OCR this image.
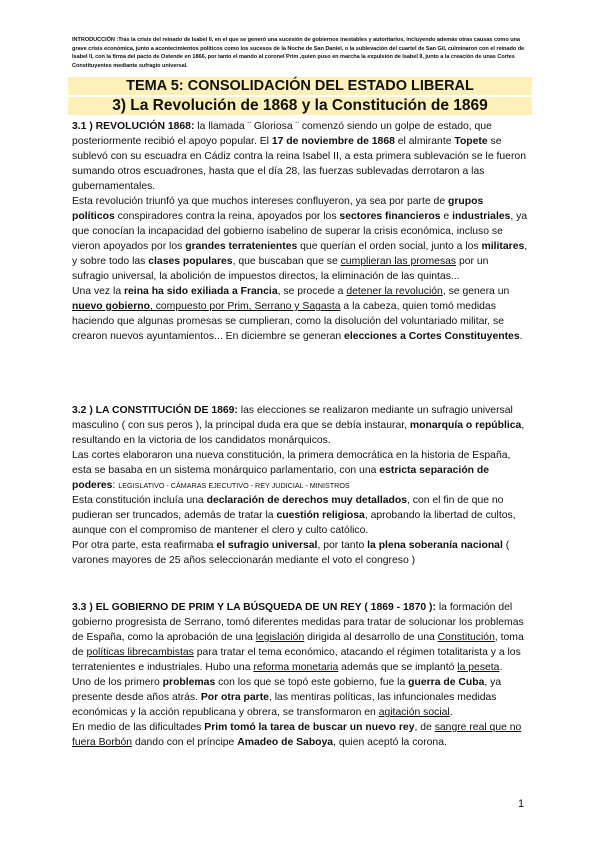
INTRODUCCIÓN :Tras la crisis del reinado de Isabel II, en el que se generó una sucesión de gobiernos inestables y autoritarios, incluyendo además otras causas como una grave crisis económica, junto a acontecimientos políticos como los sucesos de la Noche de San Daniel, o la sublevación del cuartel de San Gil, culminaron con el reinado de Isabel II, con la firma del pacto de Ostende en 1866, por tanto el mando al coronel Prim ,quien puso en marcha la expulsión de Isabel II, junto a la creación de unas Cortes Constituyentes mediante sufragio universal.
TEMA 5: CONSOLIDACIÓN DEL ESTADO LIBERAL
3) La Revolución de 1868 y la Constitución de 1869

3.1 ) REVOLUCIÓN 1868: la llamada ¨ Gloriosa ¨ comenzó siendo un golpe de estado, que posteriormente recibió el apoyo popular. El 17 de noviembre de 1868 el almirante Topete se sublevó con su escuadra en Cádiz contra la reina Isabel II, a esta primera sublevación se le fueron sumando otros escuadrones, hasta que el día 28, las fuerzas sublevadas derrotaron a las gubernamentales.

Esta revolución triunfó ya que muchos intereses confluyeron, ya sea por parte de grupos políticos conspiradores contra la reina, apoyados por los sectores financieros e industriales, ya que conocían la incapacidad del gobierno isabelino de superar la crisis económica, incluso se vieron apoyados por los grandes terratenientes que querían el orden social, junto a los militares, y sobre todo las clases populares, que buscaban que se cumplieran las promesas por un sufragio universal, la abolición de impuestos directos, la eliminación de las quintas...

Una vez la reina ha sido exiliada a Francia, se procede a detener la revolución, se genera un nuevo gobierno, compuesto por Prim, Serrano y Sagasta a la cabeza, quien tomó medidas haciendo que algunas promesas se cumplieran, como la disolución del voluntariado militar, se crearon nuevos ayuntamientos... En diciembre se generan elecciones a Cortes Constituyentes.

3.2 ) LA CONSTITUCIÓN DE 1869: las elecciones se realizaron mediante un sufragio universal masculino ( con sus peros ), la principal duda era que se debía instaurar, monarquía o república, resultando en la victoria de los candidatos monárquicos.

Las cortes elaboraron una nueva constitución, la primera democrática en la historia de España, esta se basaba en un sistema monárquico parlamentario, con una estricta separación de poderes: LEGISLATIVO - CÁMARAS EJECUTIVO - REY JUDICIAL - MINISTROS

Esta constitución incluía una declaración de derechos muy detallados, con el fin de que no pudieran ser truncados, además de tratar la cuestión religiosa, aprobando la libertad de cultos, aunque con el compromiso de mantener el clero y culto católico.

Por otra parte, esta reafirmaba el sufragio universal, por tanto la plena soberanía nacional ( varones mayores de 25 años seleccionarán mediante el voto el congreso )

3.3 ) EL GOBIERNO DE PRIM Y LA BÚSQUEDA DE UN REY ( 1869 - 1870 ): la formación del gobierno progresista de Serrano, tomó diferentes medidas para tratar de solucionar los problemas de España, como la aprobación de una legislación dirigida al desarrollo de una Constitución, toma de políticas librecambistas para tratar el tema económico, atacando el régimen totalitarista y a los terratenientes e industriales. Hubo una reforma monetaria además que se implantó la peseta.

Uno de los primero problemas con los que se topó este gobierno, fue la guerra de Cuba, ya presente desde años atrás. Por otra parte, las mentiras políticas, las infuncionales medidas económicas y la acción republicana y obrera, se transformaron en agitación social.

En medio de las dificultades Prim tomó la tarea de buscar un nuevo rey, de sangre real que no fuera Borbón dando con el príncipe Amadeo de Saboya, quien aceptó la corona.

1
